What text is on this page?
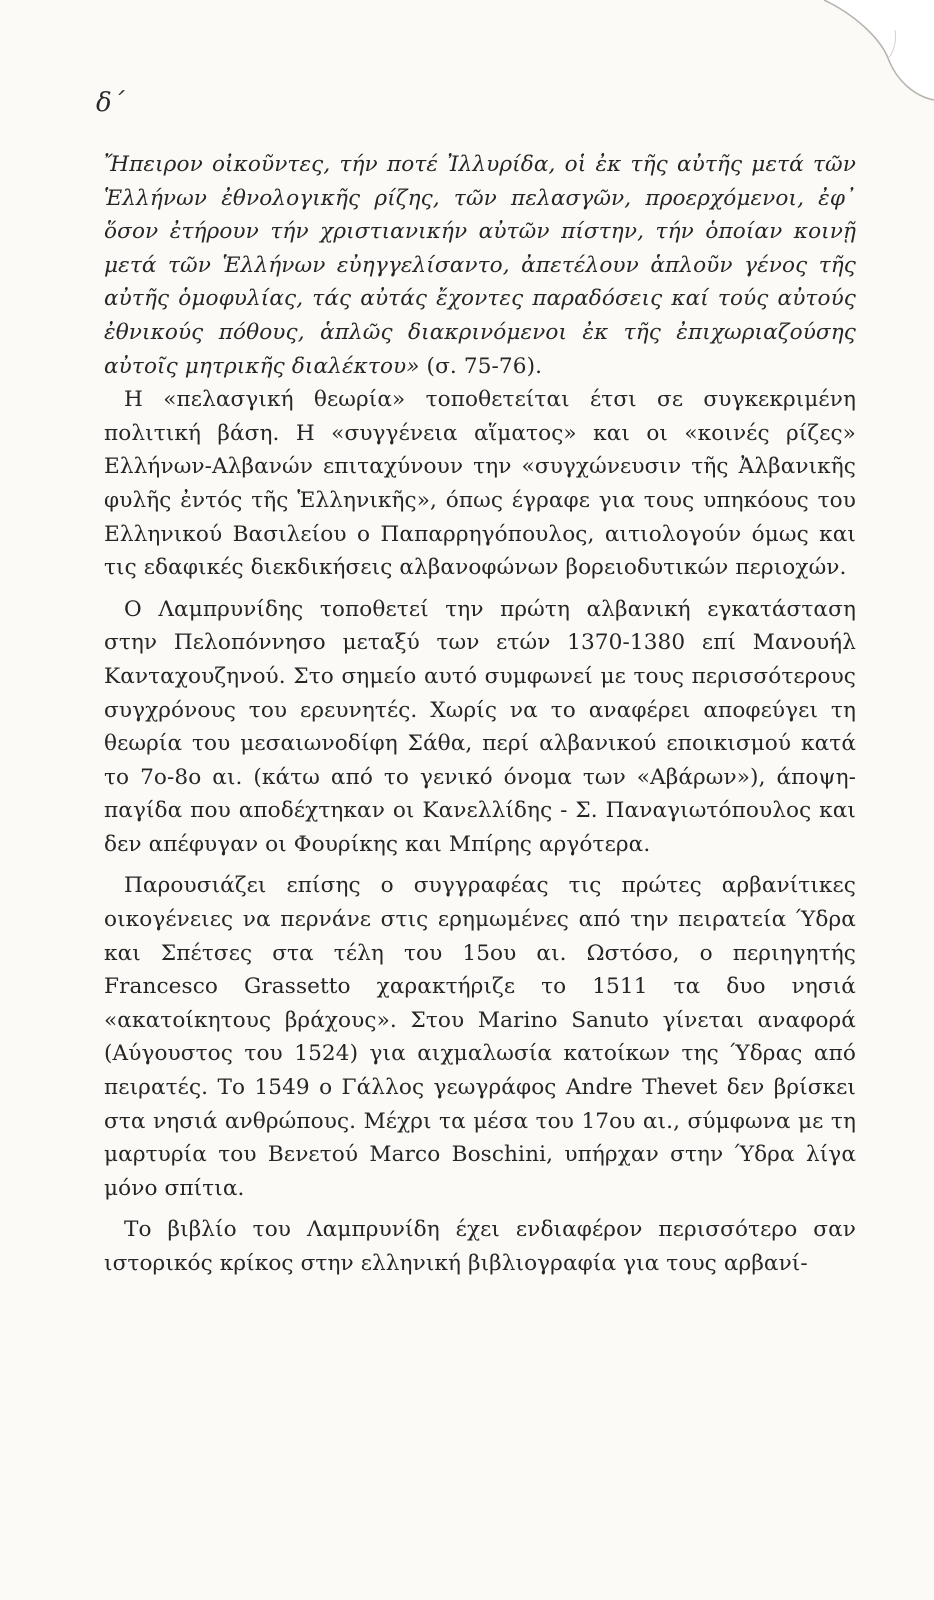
δ΄

Ἤπειρον οἰκοῦντες, τήν ποτέ Ἰλλυρίδα, οἱ ἐκ τῆς αὐτῆς μετά τῶν Ἑλλήνων ἐθνολογικῆς ρίζης, τῶν πελασγῶν, προερχόμενοι, ἐφ᾽ ὅσον ἐτήρουν τήν χριστιανικήν αὐτῶν πίστην, τήν ὁποίαν κοινῇ μετά τῶν Ἑλλήνων εὐηγγελίσαντο, ἀπετέλουν ἁπλοῦν γένος τῆς αὐτῆς ὁμοφυλίας, τάς αὐτάς ἔχοντες παραδόσεις καί τούς αὐτούς ἐθνικούς πόθους, ἁπλῶς διακρινόμενοι ἐκ τῆς ἐπιχωριαζούσης αὐτοῖς μητρικῆς διαλέκτου» (σ. 75-76).

Η «πελασγική θεωρία» τοποθετείται έτσι σε συγκεκριμένη πολιτική βάση. Η «συγγένεια αἵματος» και οι «κοινές ρίζες» Ελλήνων-Αλβανών επιταχύνουν την «συγχώνευσιν τῆς Ἀλβανικῆς φυλῆς ἐντός τῆς Ἑλληνικῆς», όπως έγραφε για τους υπηκόους του Ελληνικού Βασιλείου ο Παπαρρηγόπουλος, αιτιολογούν όμως και τις εδαφικές διεκδικήσεις αλβανοφώνων βορειοδυτικών περιοχών.

Ο Λαμπρυνίδης τοποθετεί την πρώτη αλβανική εγκατάσταση στην Πελοπόννησο μεταξύ των ετών 1370-1380 επί Μανουήλ Κανταχουζηνού. Στο σημείο αυτό συμφωνεί με τους περισσότερους συγχρόνους του ερευνητές. Χωρίς να το αναφέρει αποφεύγει τη θεωρία του μεσαιωνοδίφη Σάθα, περί αλβανικού εποικισμού κατά το 7ο-8ο αι. (κάτω από το γενικό όνομα των «Αβάρων»), άποψη-παγίδα που αποδέχτηκαν οι Κανελλίδης - Σ. Παναγιωτόπουλος και δεν απέφυγαν οι Φουρίκης και Μπίρης αργότερα.

Παρουσιάζει επίσης ο συγγραφέας τις πρώτες αρβανίτικες οικογένειες να περνάνε στις ερημωμένες από την πειρατεία Ύδρα και Σπέτσες στα τέλη του 15ου αι. Ωστόσο, ο περιηγητής Francesco Grassetto χαρακτήριζε το 1511 τα δυο νησιά «ακατοίκητους βράχους». Στου Marino Sanuto γίνεται αναφορά (Αύγουστος του 1524) για αιχμαλωσία κατοίκων της Ύδρας από πειρατές. Το 1549 ο Γάλλος γεωγράφος Andre Thevet δεν βρίσκει στα νησιά ανθρώπους. Μέχρι τα μέσα του 17ου αι., σύμφωνα με τη μαρτυρία του Βενετού Marco Boschini, υπήρχαν στην Ύδρα λίγα μόνο σπίτια.

Το βιβλίο του Λαμπρυνίδη έχει ενδιαφέρον περισσότερο σαν ιστορικός κρίκος στην ελληνική βιβλιογραφία για τους αρβανί-
